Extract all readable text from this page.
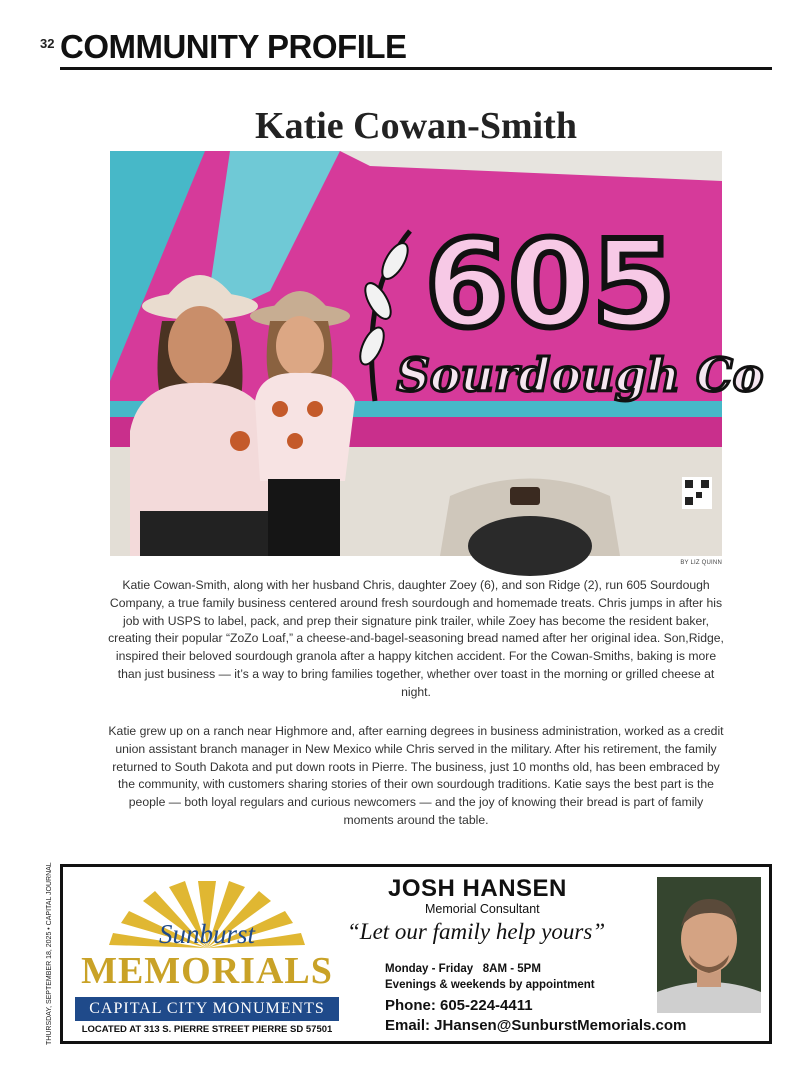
32 COMMUNITY PROFILE
Katie Cowan-Smith
605
Sourdough Co
BY LIZ QUINN

Katie Cowan-Smith, along with her husband Chris, daughter Zoey (6), and son Ridge (2), run 605 Sourdough Company, a true family business centered around fresh sourdough and homemade treats. Chris jumps in after his job with USPS to label, pack, and prep their signature pink trailer, while Zoey has become the resident baker, creating their popular “ZoZo Loaf,” a cheese-and-bagel-seasoning bread named after her original idea. Son,Ridge, inspired their beloved sourdough granola after a happy kitchen accident. For the Cowan-Smiths, baking is more than just business — it’s a way to bring families together, whether over toast in the morning or grilled cheese at night.

Katie grew up on a ranch near Highmore and, after earning degrees in business administration, worked as a credit union assistant branch manager in New Mexico while Chris served in the military. After his retirement, the family returned to South Dakota and put down roots in Pierre. The business, just 10 months old, has been embraced by the community, with customers sharing stories of their own sourdough traditions. Katie says the best part is the people — both loyal regulars and curious newcomers — and the joy of knowing their bread is part of family moments around the table.

THURSDAY, SEPTEMBER 18, 2025 • CAPITAL JOURNAL	Sunburst
MEMORIALS
CAPITAL CITY MONUMENTS
LOCATED AT 313 S. PIERRE STREET PIERRE SD 57501
JOSH HANSEN
Memorial Consultant
“Let our family help yours”
Monday - Friday   8AM - 5PM
Evenings & weekends by appointment
Phone: 605-224-4411
Email: JHansen@SunburstMemorials.com
